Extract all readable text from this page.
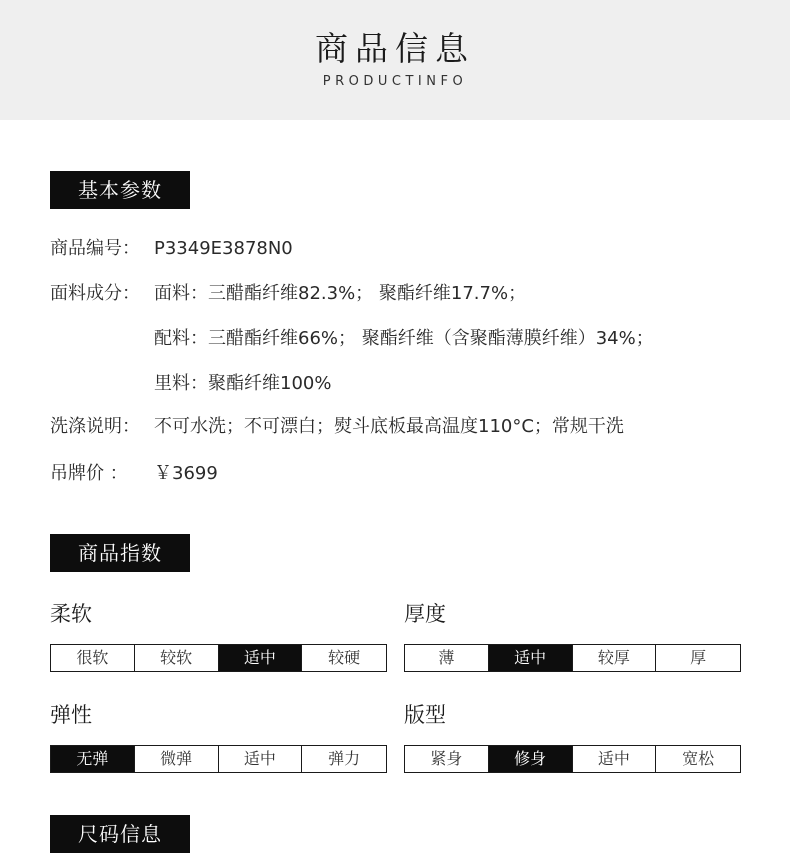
商品信息
PRODUCTINFO
基本参数
商品编号： P3349E3878N0
面料成分： 面料：三醋酯纤维82.3%； 聚酯纤维17.7%；
配料：三醋酯纤维66%； 聚酯纤维（含聚酯薄膜纤维）34%；
里料：聚酯纤维100%
洗涤说明： 不可水洗；不可漂白；熨斗底板最高温度110°C；常规干洗
吊牌价 ： ￥3699
商品指数
柔软
很软	较软	适中	较硬
厚度
薄	适中	较厚	厚
弹性
无弹	微弹	适中	弹力
版型
紧身	修身	适中	宽松
尺码信息
